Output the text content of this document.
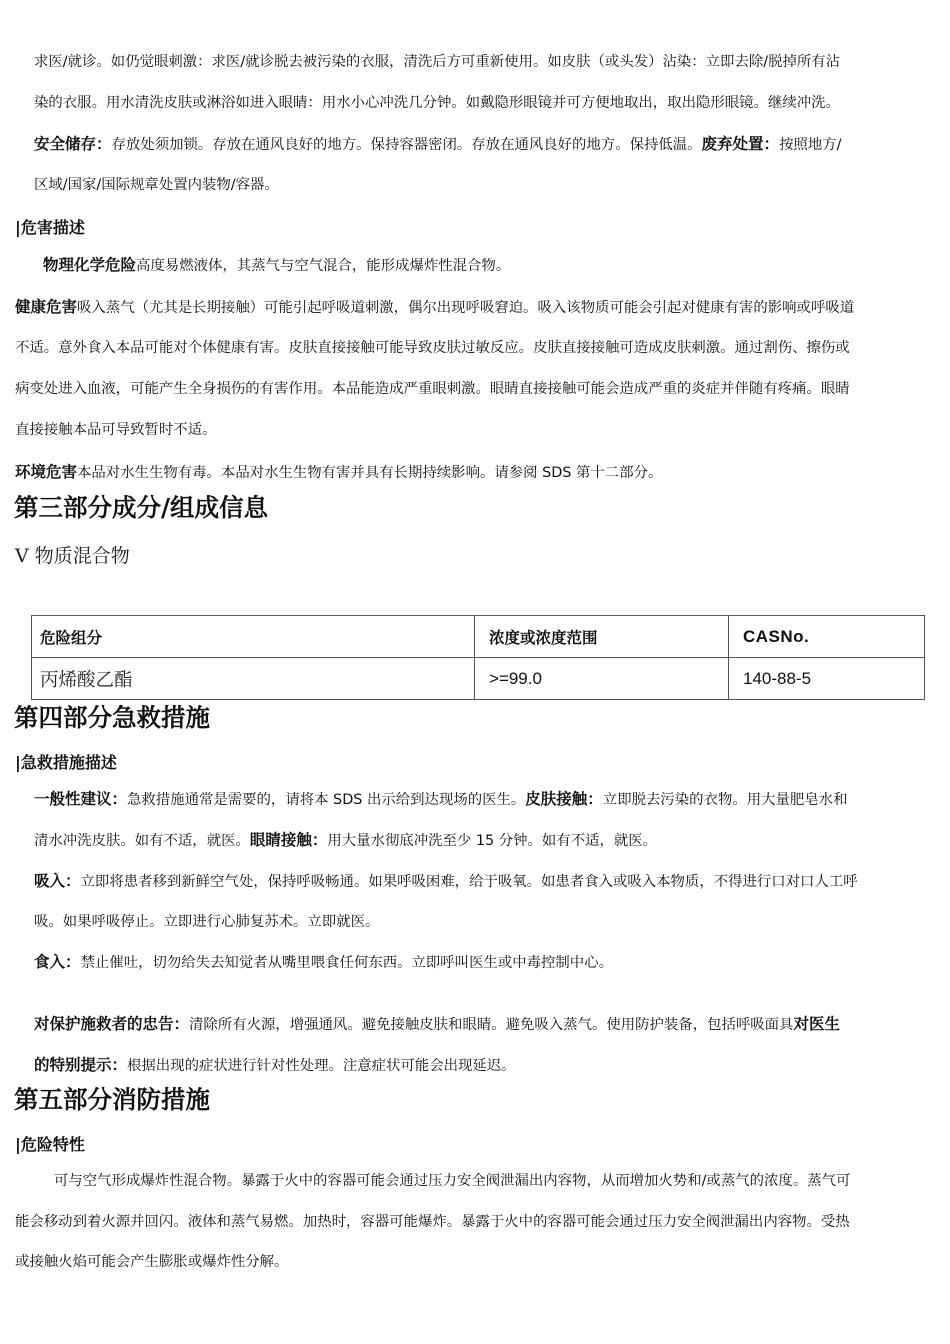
求医/就诊。如仍觉眼刺激：求医/就诊脱去被污染的衣服，清洗后方可重新使用。如皮肤（或头发）沾染：立即去除/脱掉所有沾
染的衣服。用水清洗皮肤或淋浴如进入眼睛：用水小心冲洗几分钟。如戴隐形眼镜并可方便地取出，取出隐形眼镜。继续冲洗。
安全储存：存放处须加锁。存放在通风良好的地方。保持容器密闭。存放在通风良好的地方。保持低温。废弃处置：按照地方/
区域/国家/国际规章处置内装物/容器。
|危害描述
物理化学危险高度易燃液体，其蒸气与空气混合，能形成爆炸性混合物。
健康危害吸入蒸气（尤其是长期接触）可能引起呼吸道刺激，偶尔出现呼吸窘迫。吸入该物质可能会引起对健康有害的影响或呼吸道
不适。意外食入本品可能对个体健康有害。皮肤直接接触可能导致皮肤过敏反应。皮肤直接接触可造成皮肤刺激。通过割伤、擦伤或
病变处进入血液，可能产生全身损伤的有害作用。本品能造成严重眼刺激。眼睛直接接触可能会造成严重的炎症并伴随有疼痛。眼睛
直接接触本品可导致暂时不适。
环境危害本品对水生生物有毒。本品对水生生物有害并具有长期持续影响。请参阅 SDS 第十二部分。
第三部分成分/组成信息
V 物质混合物
危险组分	浓度或浓度范围	CASNo.
丙烯酸乙酯	>=99.0	140-88-5
第四部分急救措施
|急救措施描述
一般性建议：急救措施通常是需要的，请将本 SDS 出示给到达现场的医生。皮肤接触：立即脱去污染的衣物。用大量肥皂水和
清水冲洗皮肤。如有不适，就医。眼睛接触：用大量水彻底冲洗至少 15 分钟。如有不适，就医。
吸入：立即将患者移到新鲜空气处，保持呼吸畅通。如果呼吸困难，给于吸氧。如患者食入或吸入本物质，不得进行口对口人工呼
吸。如果呼吸停止。立即进行心肺复苏术。立即就医。
食入：禁止催吐，切勿给失去知觉者从嘴里喂食任何东西。立即呼叫医生或中毒控制中心。
对保护施救者的忠告：清除所有火源，增强通风。避免接触皮肤和眼睛。避免吸入蒸气。使用防护装备，包括呼吸面具对医生
的特别提示：根据出现的症状进行针对性处理。注意症状可能会出现延迟。
第五部分消防措施
|危险特性
可与空气形成爆炸性混合物。暴露于火中的容器可能会通过压力安全阀泄漏出内容物，从而增加火势和/或蒸气的浓度。蒸气可
能会移动到着火源并回闪。液体和蒸气易燃。加热时，容器可能爆炸。暴露于火中的容器可能会通过压力安全阀泄漏出内容物。受热
或接触火焰可能会产生膨胀或爆炸性分解。
